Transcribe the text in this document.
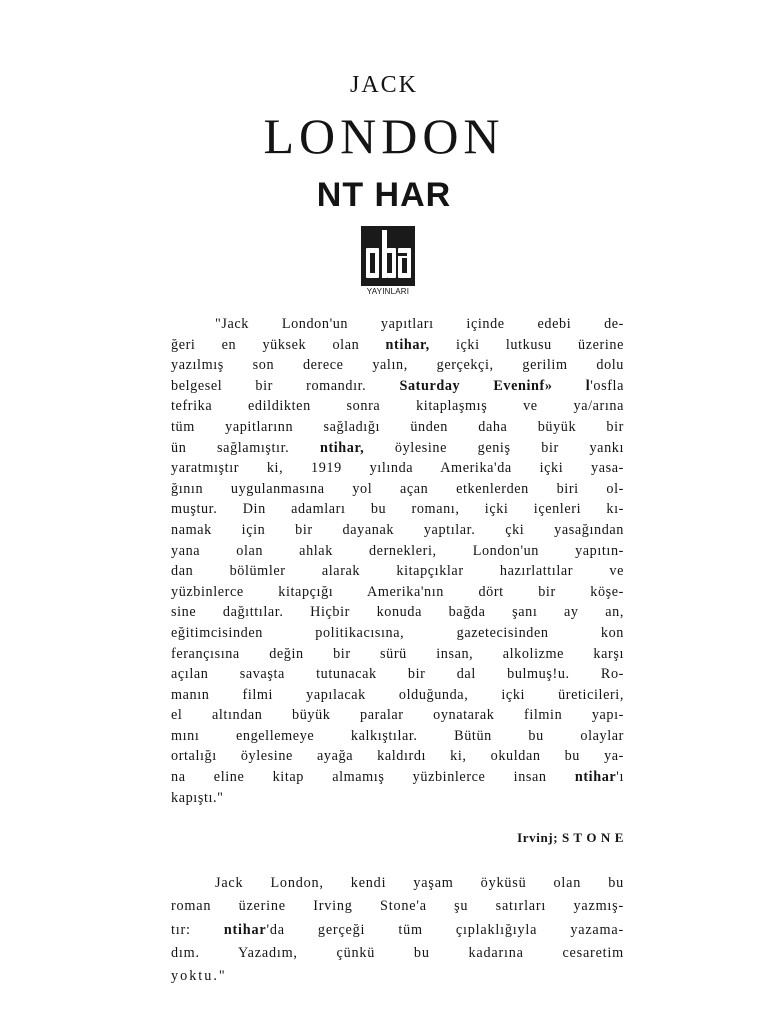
JACK
LONDON
NT HAR
YAYINLARI
"Jack London'un yapıtları içinde edebi de-
ğeri en yüksek olan ntihar, içki lutkusu üzerine
yazılmış son derece yalın, gerçekçi, gerilim dolu
belgesel bir romandır. Saturday Eveninf» l'osfla
tefrika edildikten sonra kitaplaşmış ve ya/arına
tüm yapitlarınn sağladığı ünden daha büyük bir
ün sağlamıştır. ntihar, öylesine geniş bir yankı
yaratmıştır ki, 1919 yılında Amerika'da içki yasa-
ğının uygulanmasına yol açan etkenlerden biri ol-
muştur. Din adamları bu romanı, içki içenleri kı-
namak için bir dayanak yaptılar. çki yasağından
yana olan ahlak dernekleri, London'un yapıtın-
dan bölümler alarak kitapçıklar hazırlattılar ve
yüzbinlerce kitapçığı Amerika'nın dört bir köşe-
sine dağıttılar. Hiçbir konuda bağda şanı ay an,
eğitimcisinden politikacısına, gazetecisinden kon
ferançısına değin bir sürü insan, alkolizme karşı
açılan savaşta tutunacak bir dal bulmuş!u. Ro-
manın filmi yapılacak olduğunda, içki üreticileri,
el altından büyük paralar oynatarak filmin yapı-
mını engellemeye kalkıştılar. Bütün bu olaylar
ortalığı öylesine ayağa kaldırdı ki, okuldan bu ya-
na eline kitap almamış yüzbinlerce insan ntihar'ı
kapıştı."
Irvinj; S T O N E
Jack London, kendi yaşam öyküsü olan bu
roman üzerine Irving Stone'a şu satırları yazmış-
tır: ntihar'da gerçeği tüm çıplaklığıyla yazama-
dım. Yazadım, çünkü bu kadarına cesaretim
yoktu."
